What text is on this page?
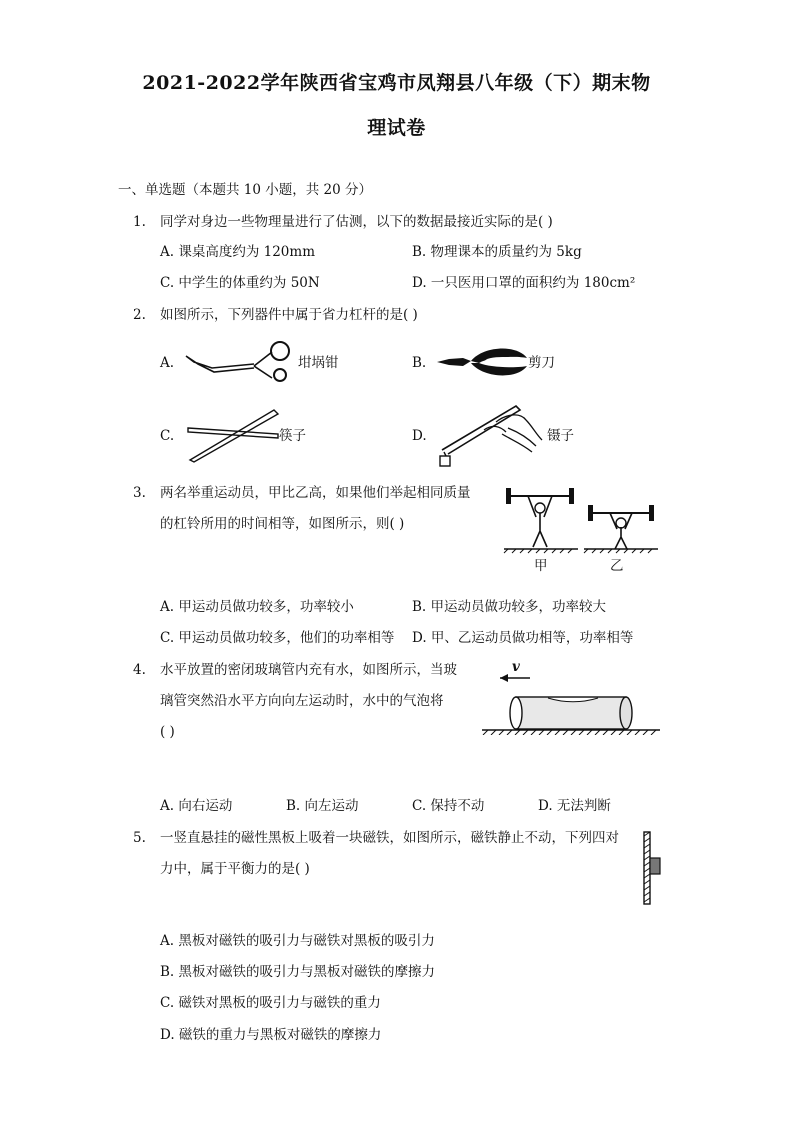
2021-2022学年陕西省宝鸡市凤翔县八年级（下）期末物
理试卷
一、单选题（本题共 10 小题，共 20 分）
1. 同学对身边一些物理量进行了估测，以下的数据最接近实际的是( )
A. 课桌高度约为 120mm	B. 物理课本的质量约为 5kg
C. 中学生的体重约为 50N	D. 一只医用口罩的面积约为 180cm²
2. 如图所示，下列器件中属于省力杠杆的是( )
A.	坩埚钳	B.	剪刀
C.	筷子	D.	镊子
3. 两名举重运动员，甲比乙高，如果他们举起相同质量
的杠铃所用的时间相等，如图所示，则( )
甲	乙
A. 甲运动员做功较多，功率较小	B. 甲运动员做功较多，功率较大
C. 甲运动员做功较多，他们的功率相等 D. 甲、乙运动员做功相等，功率相等
4. 水平放置的密闭玻璃管内充有水，如图所示，当玻
璃管突然沿水平方向向左运动时，水中的气泡将
( )
v
A. 向右运动	B. 向左运动	C. 保持不动	D. 无法判断
5. 一竖直悬挂的磁性黑板上吸着一块磁铁，如图所示，磁铁静止不动，下列四对
力中，属于平衡力的是( )
A. 黑板对磁铁的吸引力与磁铁对黑板的吸引力
B. 黑板对磁铁的吸引力与黑板对磁铁的摩擦力
C. 磁铁对黑板的吸引力与磁铁的重力
D. 磁铁的重力与黑板对磁铁的摩擦力
